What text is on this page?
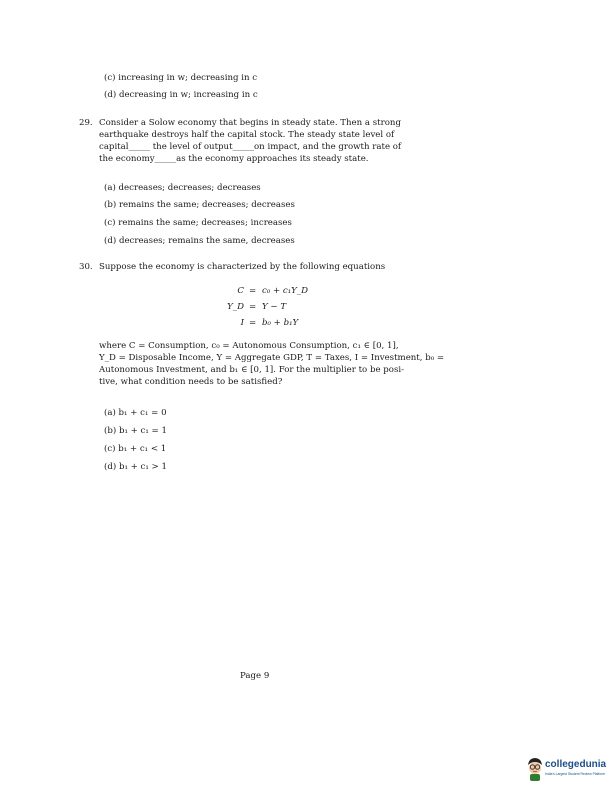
(c) increasing in w; decreasing in c
(d) decreasing in w; increasing in c
29. Consider a Solow economy that begins in steady state. Then a strong
earthquake destroys half the capital stock. The steady state level of
capital_____ the level of output_____on impact, and the growth rate of
the economy_____as the economy approaches its steady state.
(a) decreases; decreases; decreases
(b) remains the same; decreases; decreases
(c) remains the same; decreases; increases
(d) decreases; remains the same, decreases
30. Suppose the economy is characterized by the following equations
C = c₀ + c₁Y_D
Y_D = Y − T
I = b₀ + b₁Y
where C = Consumption, c₀ = Autonomous Consumption, c₁ ∈ [0, 1],
Y_D = Disposable Income, Y = Aggregate GDP, T = Taxes, I = Investment, b₀ =
Autonomous Investment, and b₁ ∈ [0, 1]. For the multiplier to be posi-
tive, what condition needs to be satisfied?
(a) b₁ + c₁ = 0
(b) b₁ + c₁ = 1
(c) b₁ + c₁ < 1
(d) b₁ + c₁ > 1
Page 9
collegedunia
India's Largest Student Review Platform
